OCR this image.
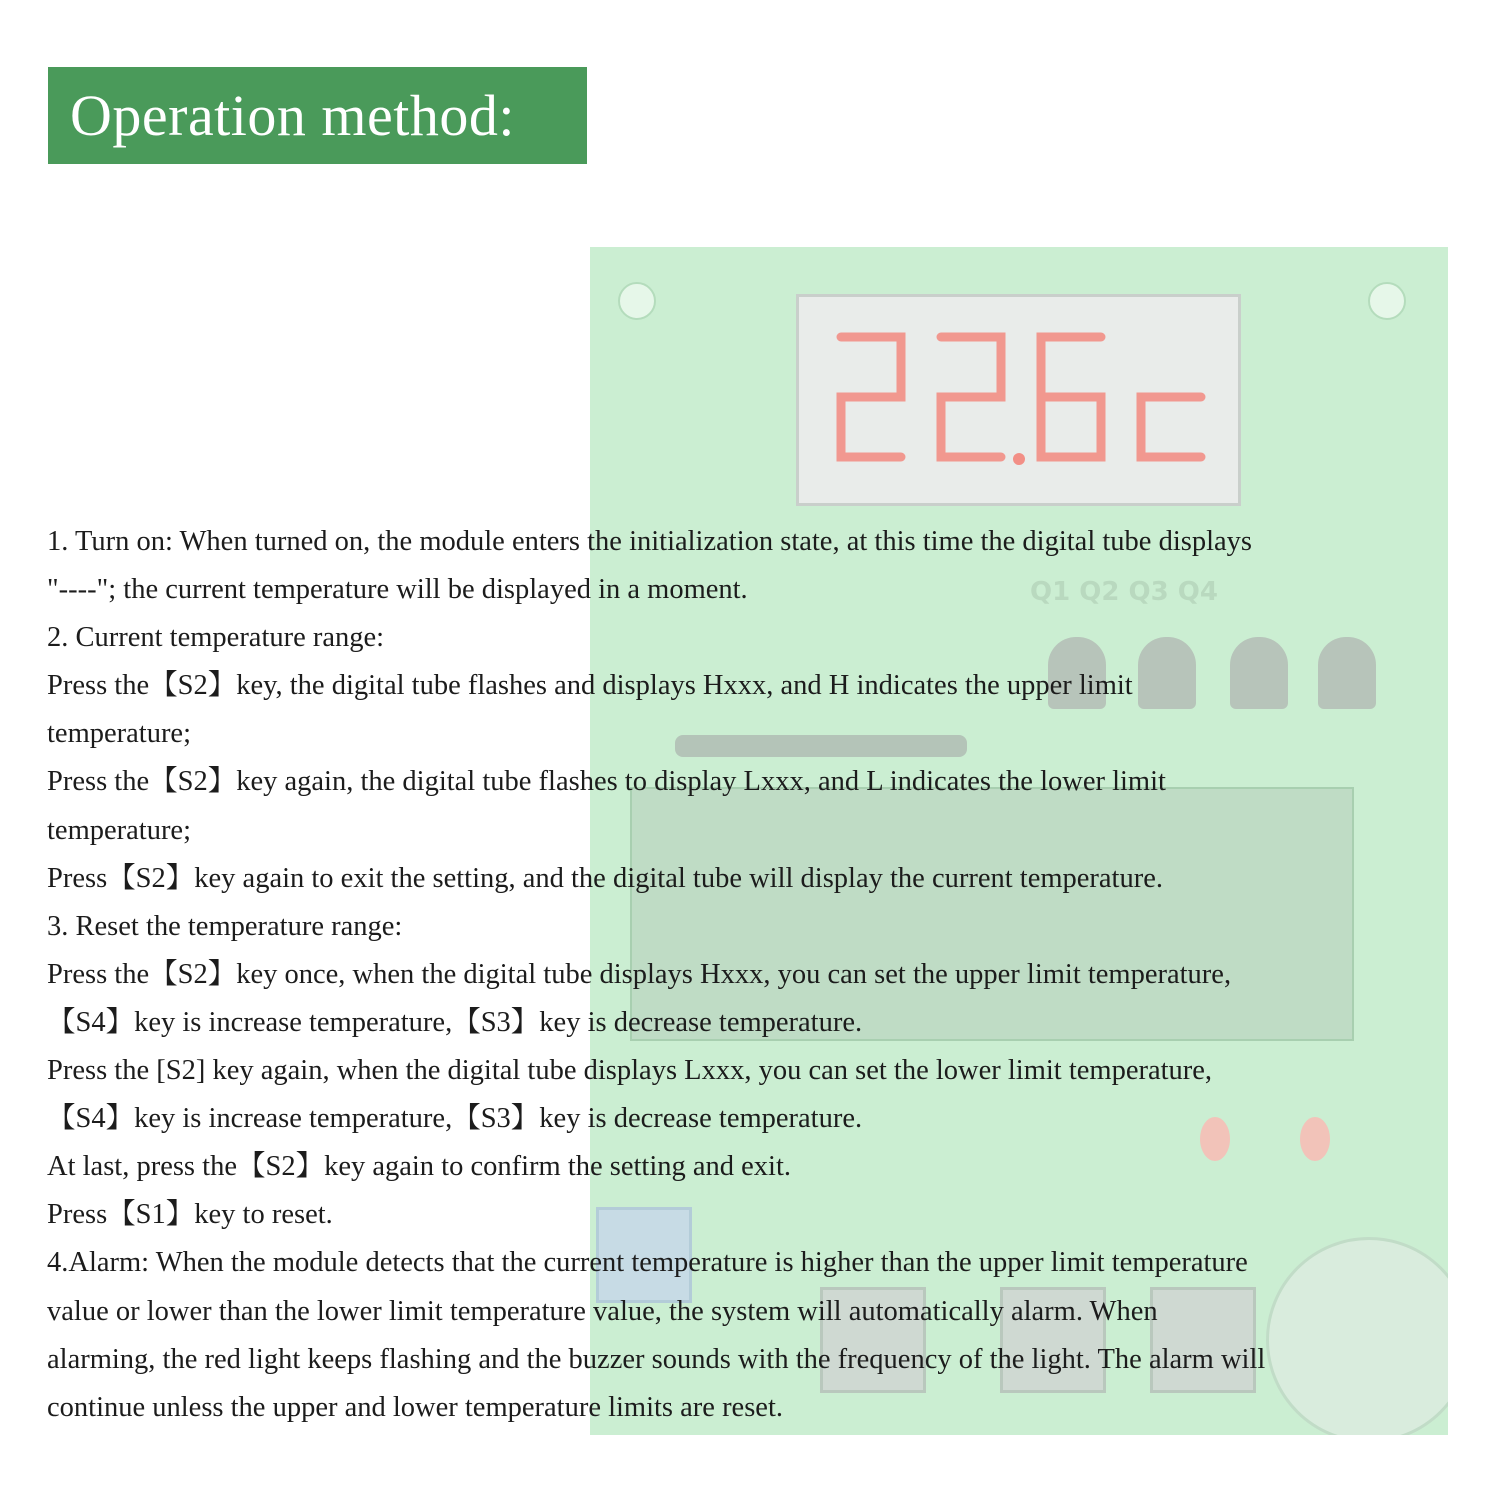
Operation method:
Q1 Q2 Q3 Q4
1. Turn on: When turned on, the module enters the initialization state, at this time the digital tube displays
"----"; the current temperature will be displayed in a moment.
2. Current temperature range:
Press the【S2】key, the digital tube flashes and displays Hxxx, and H indicates the upper limit
temperature;
Press the【S2】key again, the digital tube flashes to display Lxxx, and L indicates the lower limit
temperature;
Press【S2】key again to exit the setting, and the digital tube will display the current temperature.
3. Reset the temperature range:
Press the【S2】key once, when the digital tube displays Hxxx, you can set the upper limit temperature,
【S4】key is increase temperature,【S3】key is decrease temperature.
Press the [S2] key again, when the digital tube displays Lxxx, you can set the lower limit temperature,
【S4】key is increase temperature,【S3】key is decrease temperature.
At last, press the【S2】key again to confirm the setting and exit.
Press【S1】key to reset.
4.Alarm: When the module detects that the current temperature is higher than the upper limit temperature
value or lower than the lower limit temperature value, the system will automatically alarm. When
alarming, the red light keeps flashing and the buzzer sounds with the frequency of the light. The alarm will
continue unless the upper and lower temperature limits are reset.
